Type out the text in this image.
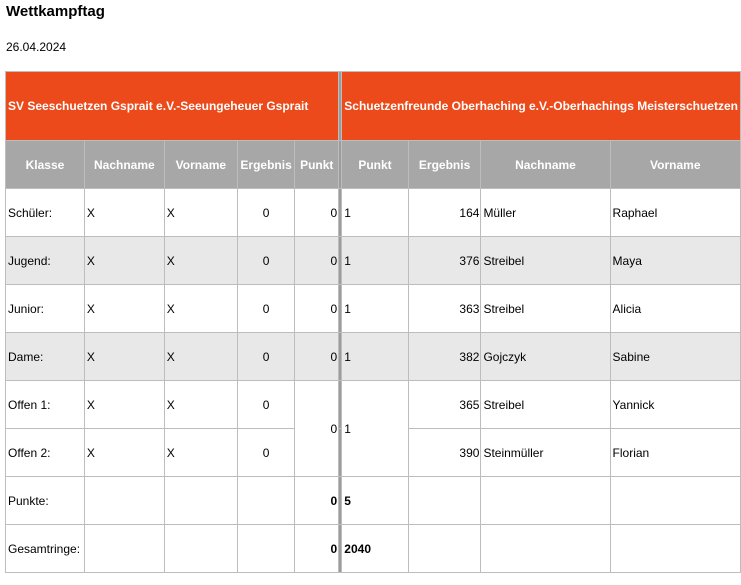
Wettkampftag
26.04.2024
SV Seeschuetzen Gsprait e.V.-Seeungeheuer Gsprait						Schuetzenfreunde Oberhaching e.V.-Oberhachings Meisterschuetzen			
Klasse	Nachname	Vorname	Ergebnis	Punkt		Punkt	Ergebnis	Nachname	Vorname
Schüler:	X	X	0	0		1	164	Müller	Raphael
Jugend:	X	X	0	0		1	376	Streibel	Maya
Junior:	X	X	0	0		1	363	Streibel	Alicia
Dame:	X	X	0	0		1	382	Gojczyk	Sabine
Offen 1:	X	X	0	0		1	365	Streibel	Yannick
Offen 2:	X	X	0				390	Steinmüller	Florian
Punkte:				0		5			
Gesamtringe:				0		2040			
